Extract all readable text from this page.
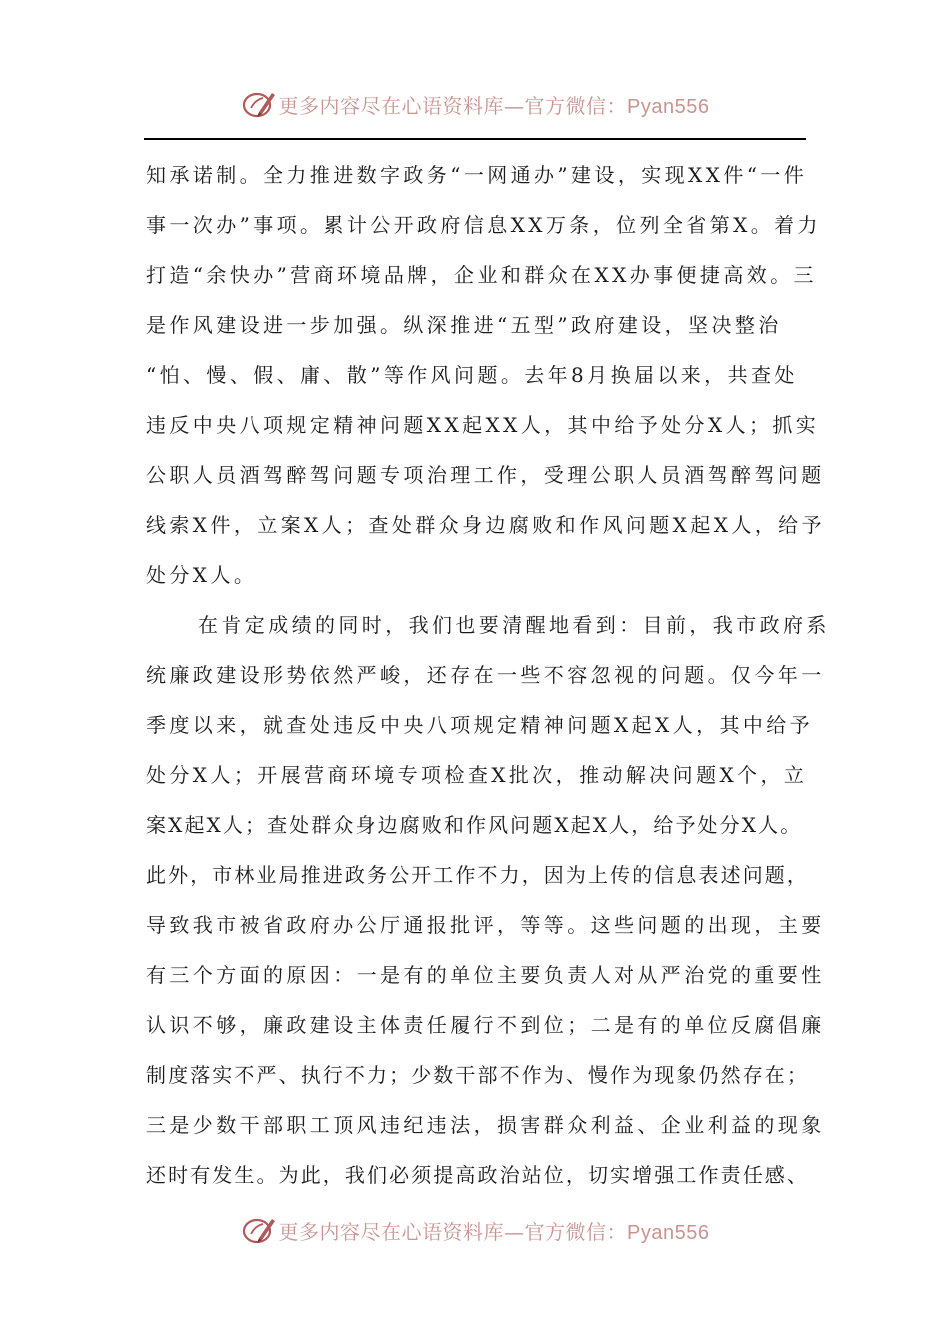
更多内容尽在心语资料库—官方微信：Pyan556
知承诺制。全力推进数字政务“一网通办”建设，实现XX件“一件
事一次办”事项。累计公开政府信息XX万条，位列全省第X。着力
打造“余快办”营商环境品牌，企业和群众在XX办事便捷高效。三
是作风建设进一步加强。纵深推进“五型”政府建设，坚决整治
“怕、慢、假、庸、散”等作风问题。去年8月换届以来，共查处
违反中央八项规定精神问题XX起XX人，其中给予处分X人；抓实
公职人员酒驾醉驾问题专项治理工作，受理公职人员酒驾醉驾问题
线索X件，立案X人；查处群众身边腐败和作风问题X起X人，给予
处分X人。
在肯定成绩的同时，我们也要清醒地看到：目前，我市政府系
统廉政建设形势依然严峻，还存在一些不容忽视的问题。仅今年一
季度以来，就查处违反中央八项规定精神问题X起X人，其中给予
处分X人；开展营商环境专项检查X批次，推动解决问题X个，立
案X起X人；查处群众身边腐败和作风问题X起X人，给予处分X人。
此外，市林业局推进政务公开工作不力，因为上传的信息表述问题，
导致我市被省政府办公厅通报批评，等等。这些问题的出现，主要
有三个方面的原因：一是有的单位主要负责人对从严治党的重要性
认识不够，廉政建设主体责任履行不到位；二是有的单位反腐倡廉
制度落实不严、执行不力；少数干部不作为、慢作为现象仍然存在；
三是少数干部职工顶风违纪违法，损害群众利益、企业利益的现象
还时有发生。为此，我们必须提高政治站位，切实增强工作责任感、
更多内容尽在心语资料库—官方微信：Pyan556
